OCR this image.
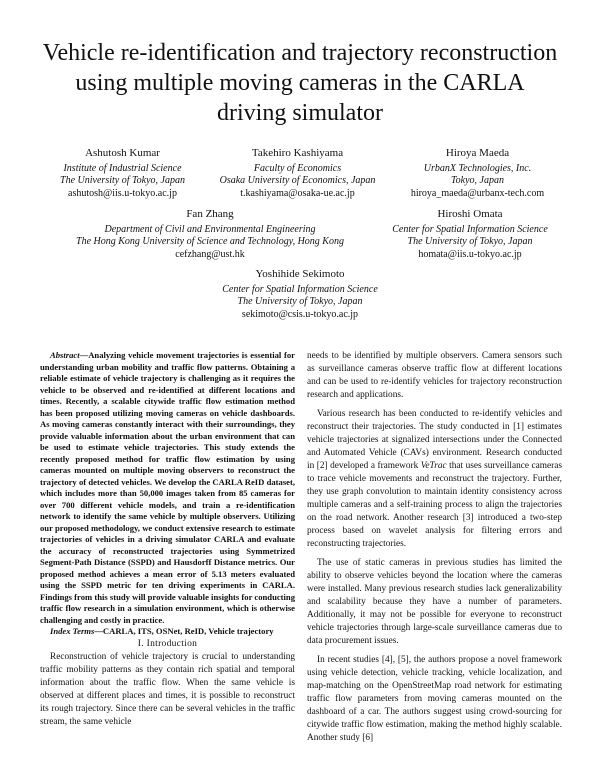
Vehicle re-identification and trajectory reconstruction using multiple moving cameras in the CARLA driving simulator
Ashutosh Kumar
Institute of Industrial Science
The University of Tokyo, Japan
ashutosh@iis.u-tokyo.ac.jp
Takehiro Kashiyama
Faculty of Economics
Osaka University of Economics, Japan
t.kashiyama@osaka-ue.ac.jp
Hiroya Maeda
UrbanX Technologies, Inc.
Tokyo, Japan
hiroya_maeda@urbanx-tech.com
Fan Zhang
Department of Civil and Environmental Engineering
The Hong Kong University of Science and Technology, Hong Kong
cefzhang@ust.hk
Hiroshi Omata
Center for Spatial Information Science
The University of Tokyo, Japan
homata@iis.u-tokyo.ac.jp
Yoshihide Sekimoto
Center for Spatial Information Science
The University of Tokyo, Japan
sekimoto@csis.u-tokyo.ac.jp

Abstract—Analyzing vehicle movement trajectories is essential for understanding urban mobility and traffic flow patterns. Obtaining a reliable estimate of vehicle trajectory is challenging as it requires the vehicle to be observed and re-identified at different locations and times. Recently, a scalable citywide traffic flow estimation method has been proposed utilizing moving cameras on vehicle dashboards. As moving cameras constantly interact with their surroundings, they provide valuable information about the urban environment that can be used to estimate vehicle trajectories. This study extends the recently proposed method for traffic flow estimation by using cameras mounted on multiple moving observers to reconstruct the trajectory of detected vehicles. We develop the CARLA ReID dataset, which includes more than 50,000 images taken from 85 cameras for over 700 different vehicle models, and train a re-identification network to identify the same vehicle by multiple observers. Utilizing our proposed methodology, we conduct extensive research to estimate trajectories of vehicles in a driving simulator CARLA and evaluate the accuracy of reconstructed trajectories using Symmetrized Segment-Path Distance (SSPD) and Hausdorff Distance metrics. Our proposed method achieves a mean error of 5.13 meters evaluated using the SSPD metric for ten driving experiments in CARLA. Findings from this study will provide valuable insights for conducting traffic flow research in a simulation environment, which is otherwise challenging and costly in practice.

Index Terms—CARLA, ITS, OSNet, ReID, Vehicle trajectory

I. Introduction

Reconstruction of vehicle trajectory is crucial to understanding traffic mobility patterns as they contain rich spatial and temporal information about the traffic flow. When the same vehicle is observed at different places and times, it is possible to reconstruct its rough trajectory. Since there can be several vehicles in the traffic stream, the same vehicle

needs to be identified by multiple observers. Camera sensors such as surveillance cameras observe traffic flow at different locations and can be used to re-identify vehicles for trajectory reconstruction research and applications.

Various research has been conducted to re-identify vehicles and reconstruct their trajectories. The study conducted in [1] estimates vehicle trajectories at signalized intersections under the Connected and Automated Vehicle (CAVs) environment. Research conducted in [2] developed a framework VeTrac that uses surveillance cameras to trace vehicle movements and reconstruct the trajectory. Further, they use graph convolution to maintain identity consistency across multiple cameras and a self-training process to align the trajectories on the road network. Another research [3] introduced a two-step process based on wavelet analysis for filtering errors and reconstructing trajectories.

The use of static cameras in previous studies has limited the ability to observe vehicles beyond the location where the cameras were installed. Many previous research studies lack generalizability and scalability because they have a number of parameters. Additionally, it may not be possible for everyone to reconstruct vehicle trajectories through large-scale surveillance cameras due to data procurement issues.

In recent studies [4], [5], the authors propose a novel framework using vehicle detection, vehicle tracking, vehicle localization, and map-matching on the OpenStreetMap road network for estimating traffic flow parameters from moving cameras mounted on the dashboard of a car. The authors suggest using crowd-sourcing for citywide traffic flow estimation, making the method highly scalable. Another study [6]
